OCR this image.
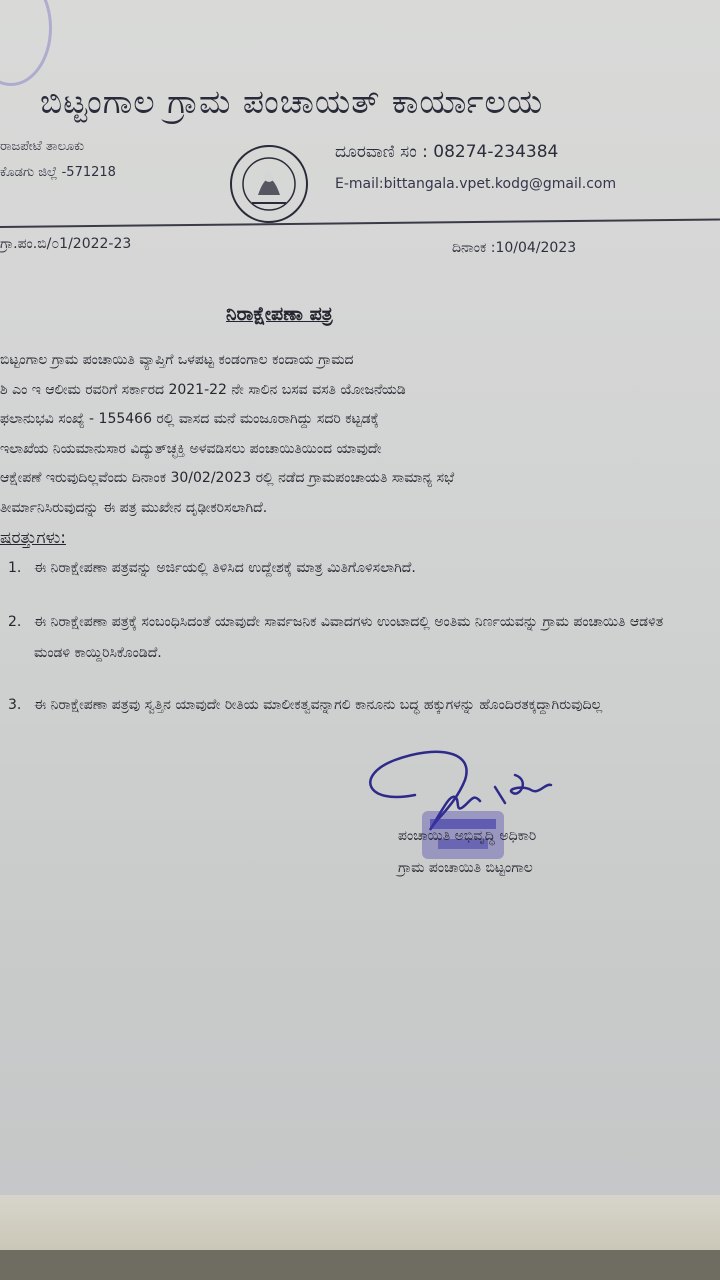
ಬಿಟ್ಟಂಗಾಲ ಗ್ರಾಮ ಪಂಚಾಯತ್ ಕಾರ್ಯಾಲಯ
ರಾಜಪೇಟೆ ತಾಲೂಕು
ಕೊಡಗು ಜಿಲ್ಲೆ -571218
ದೂರವಾಣಿ ಸಂ : 08274-234384
E-mail:bittangala.vpet.kodg@gmail.com
ಗ್ರಾ.ಪಂ.ಬಿ/೦1/2022-23	ದಿನಾಂಕ :10/04/2023
ನಿರಾಕ್ಷೇಪಣಾ ಪತ್ರ
ಬಿಟ್ಟಂಗಾಲ ಗ್ರಾಮ ಪಂಚಾಯಿತಿ ವ್ಯಾಪ್ತಿಗೆ ಒಳಪಟ್ಟ ಕಂಡಂಗಾಲ ಕಂದಾಯ ಗ್ರಾಮದ
ಶಿ ಎಂ ಇ ಆಲೀಮ ರವರಿಗೆ ಸರ್ಕಾರದ 2021-22 ನೇ ಸಾಲಿನ ಬಸವ ವಸತಿ ಯೋಜನೆಯಡಿ
ಫಲಾನುಭವಿ ಸಂಖ್ಯೆ - 155466 ರಲ್ಲಿ ವಾಸದ ಮನೆ ಮಂಜೂರಾಗಿದ್ದು ಸದರಿ ಕಟ್ಟಡಕ್ಕೆ
ಇಲಾಖೆಯ ನಿಯಮಾನುಸಾರ ವಿದ್ಯುತ್‌ಚ್ಛಕ್ತಿ ಅಳವಡಿಸಲು ಪಂಚಾಯಿತಿಯಿಂದ ಯಾವುದೇ
ಆಕ್ಷೇಪಣೆ ಇರುವುದಿಲ್ಲವೆಂದು ದಿನಾಂಕ 30/02/2023 ರಲ್ಲಿ ನಡೆದ ಗ್ರಾಮಪಂಚಾಯತಿ ಸಾಮಾನ್ಯ ಸಭೆ
ತೀರ್ಮಾನಿಸಿರುವುದನ್ನು ಈ ಪತ್ರ ಮುಖೇನ ದೃಢೀಕರಿಸಲಾಗಿದೆ.
ಷರತ್ತುಗಳು:
1. ಈ ನಿರಾಕ್ಷೇಪಣಾ ಪತ್ರವನ್ನು ಅರ್ಜಿಯಲ್ಲಿ ತಿಳಿಸಿದ ಉದ್ದೇಶಕ್ಕೆ ಮಾತ್ರ ಮಿತಿಗೊಳಿಸಲಾಗಿದೆ.
2. ಈ ನಿರಾಕ್ಷೇಪಣಾ ಪತ್ರಕ್ಕೆ ಸಂಬಂಧಿಸಿದಂತೆ ಯಾವುದೇ ಸಾರ್ವಜನಿಕ ವಿವಾದಗಳು ಉಂಟಾದಲ್ಲಿ ಅಂತಿಮ ನಿರ್ಣಯವನ್ನು ಗ್ರಾಮ ಪಂಚಾಯಿತಿ ಆಡಳಿತ ಮಂಡಳಿ ಕಾಯ್ದಿರಿಸಿಕೊಂಡಿದೆ.
3. ಈ ನಿರಾಕ್ಷೇಪಣಾ ಪತ್ರವು ಸ್ವತ್ತಿನ ಯಾವುದೇ ರೀತಿಯ ಮಾಲೀಕತ್ವವನ್ನಾಗಲಿ ಕಾನೂನು ಬದ್ಧ ಹಕ್ಕುಗಳನ್ನು ಹೊಂದಿರತಕ್ಕದ್ದಾಗಿರುವುದಿಲ್ಲ
ಪಂಚಾಯಿತಿ ಅಭಿವೃದ್ಧಿ ಅಧಿಕಾರಿ
ಗ್ರಾಮ ಪಂಚಾಯಿತಿ ಬಿಟ್ಟಂಗಾಲ
